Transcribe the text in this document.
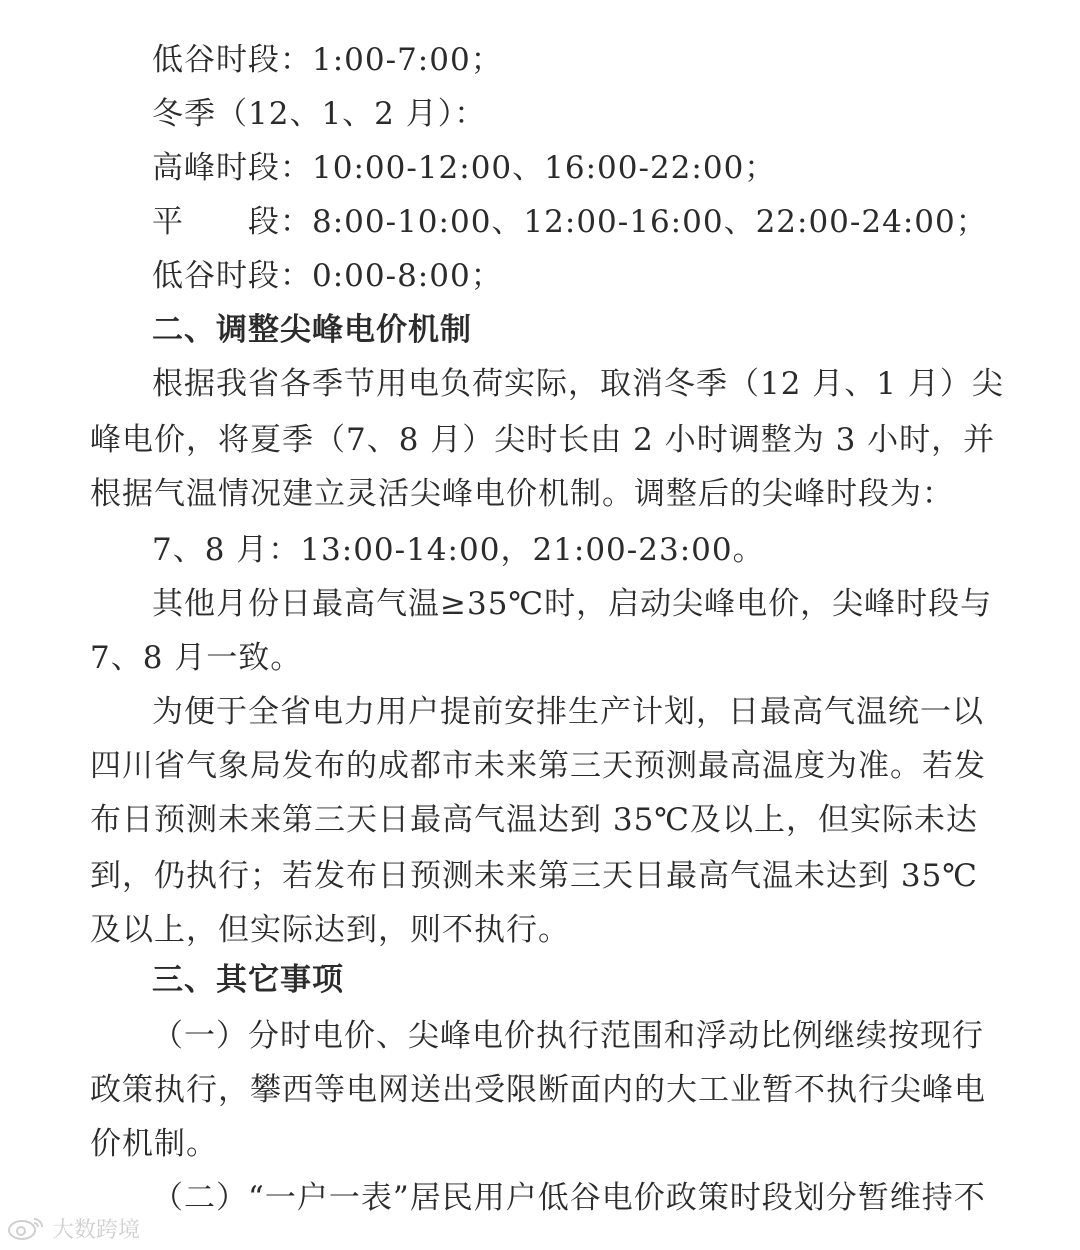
低谷时段：1:00-7:00；
冬季（12、1、2 月）：
高峰时段：10:00-12:00、16:00-22:00；
平　　段：8:00-10:00、12:00-16:00、22:00-24:00；
低谷时段：0:00-8:00；
二、调整尖峰电价机制
根据我省各季节用电负荷实际，取消冬季（12 月、1 月）尖
峰电价，将夏季（7、8 月）尖时长由 2 小时调整为 3 小时，并
根据气温情况建立灵活尖峰电价机制。调整后的尖峰时段为：
7、8 月：13:00-14:00，21:00-23:00。
其他月份日最高气温≥35℃时，启动尖峰电价，尖峰时段与
7、8 月一致。
为便于全省电力用户提前安排生产计划，日最高气温统一以
四川省气象局发布的成都市未来第三天预测最高温度为准。若发
布日预测未来第三天日最高气温达到 35℃及以上，但实际未达
到，仍执行；若发布日预测未来第三天日最高气温未达到 35℃
及以上，但实际达到，则不执行。
三、其它事项
（一）分时电价、尖峰电价执行范围和浮动比例继续按现行
政策执行，攀西等电网送出受限断面内的大工业暂不执行尖峰电
价机制。
（二）“一户一表”居民用户低谷电价政策时段划分暂维持不
大数跨境
